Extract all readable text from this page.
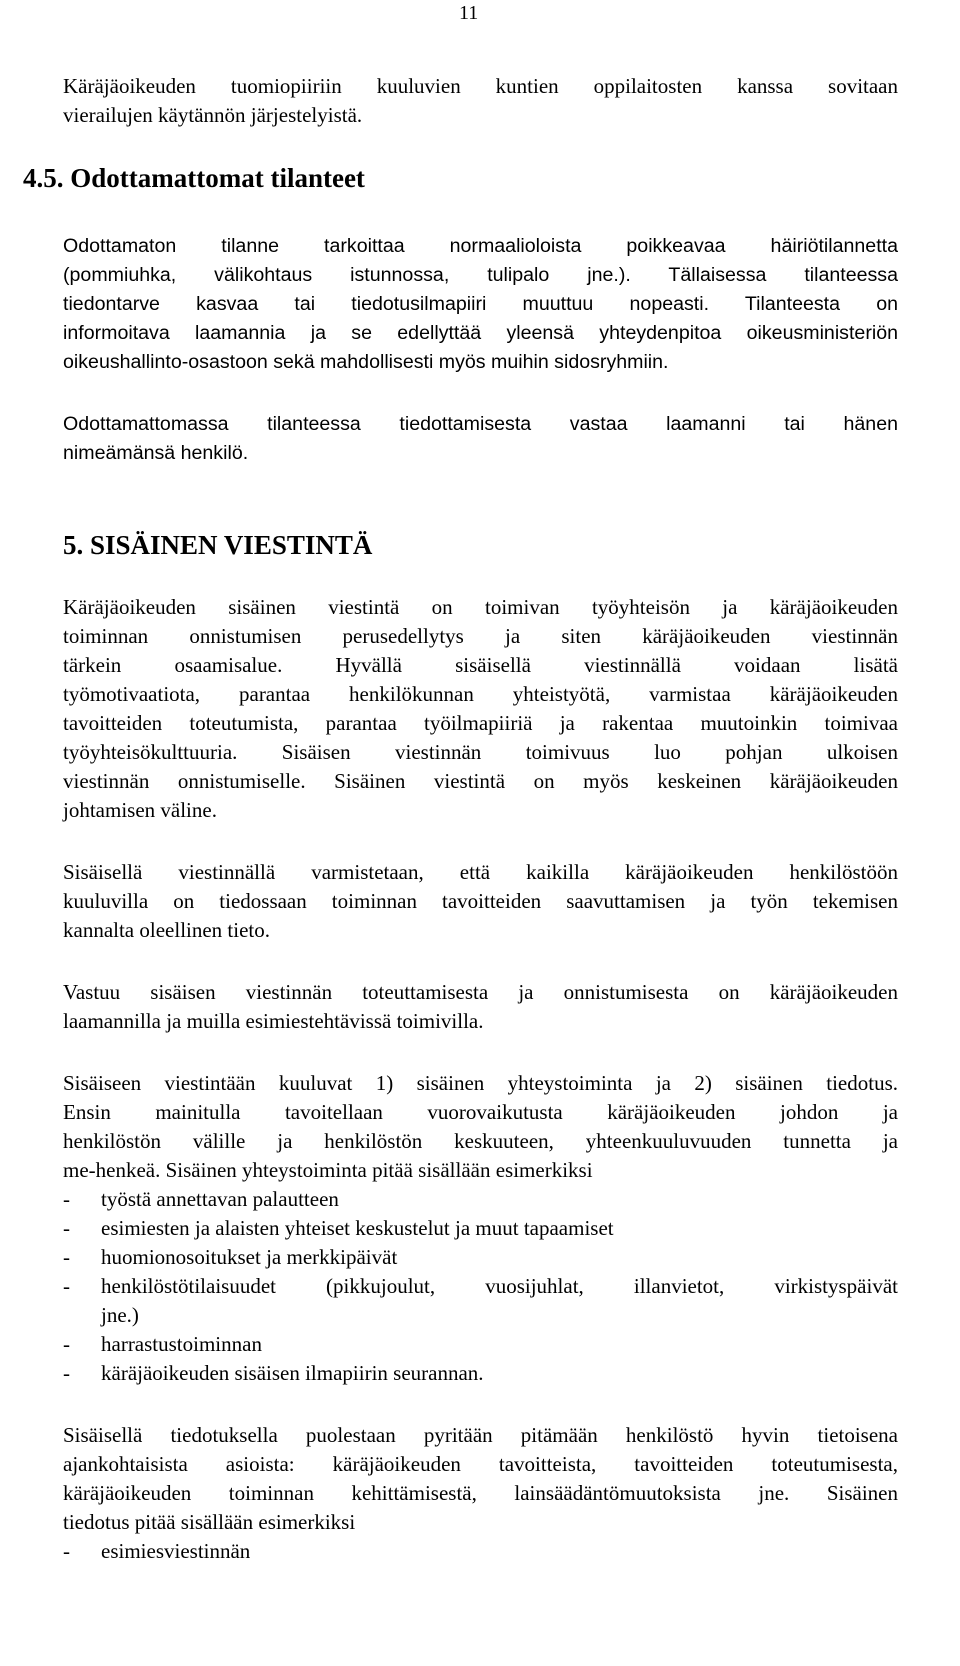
11
Käräjäoikeuden tuomiopiiriin kuuluvien kuntien oppilaitosten kanssa sovitaan
vierailujen käytännön järjestelyistä.
4.5. Odottamattomat tilanteet
Odottamaton tilanne tarkoittaa normaalioloista poikkeavaa häiriötilannetta
(pommiuhka, välikohtaus istunnossa, tulipalo jne.). Tällaisessa tilanteessa
tiedontarve kasvaa tai tiedotusilmapiiri muuttuu nopeasti. Tilanteesta on
informoitava laamannia ja se edellyttää yleensä yhteydenpitoa oikeusministeriön
oikeushallinto-osastoon sekä mahdollisesti myös muihin sidosryhmiin.
Odottamattomassa tilanteessa tiedottamisesta vastaa laamanni tai hänen
nimeämänsä henkilö.
5. SISÄINEN VIESTINTÄ
Käräjäoikeuden sisäinen viestintä on toimivan työyhteisön ja käräjäoikeuden
toiminnan onnistumisen perusedellytys ja siten käräjäoikeuden viestinnän
tärkein osaamisalue. Hyvällä sisäisellä viestinnällä voidaan lisätä
työmotivaatiota, parantaa henkilökunnan yhteistyötä, varmistaa käräjäoikeuden
tavoitteiden toteutumista, parantaa työilmapiiriä ja rakentaa muutoinkin toimivaa
työyhteisökulttuuria. Sisäisen viestinnän toimivuus luo pohjan ulkoisen
viestinnän onnistumiselle. Sisäinen viestintä on myös keskeinen käräjäoikeuden
johtamisen väline.
Sisäisellä viestinnällä varmistetaan, että kaikilla käräjäoikeuden henkilöstöön
kuuluvilla on tiedossaan toiminnan tavoitteiden saavuttamisen ja työn tekemisen
kannalta oleellinen tieto.
Vastuu sisäisen viestinnän toteuttamisesta ja onnistumisesta on käräjäoikeuden
laamannilla ja muilla esimiestehtävissä toimivilla.
Sisäiseen viestintään kuuluvat 1) sisäinen yhteystoiminta ja 2) sisäinen tiedotus.
Ensin mainitulla tavoitellaan vuorovaikutusta käräjäoikeuden johdon ja
henkilöstön välille ja henkilöstön keskuuteen, yhteenkuuluvuuden tunnetta ja
me-henkeä. Sisäinen yhteystoiminta pitää sisällään esimerkiksi
- työstä annettavan palautteen
- esimiesten ja alaisten yhteiset keskustelut ja muut tapaamiset
- huomionosoitukset ja merkkipäivät
- henkilöstötilaisuudet (pikkujoulut, vuosijuhlat, illanvietot, virkistyspäivät
jne.)
- harrastustoiminnan
- käräjäoikeuden sisäisen ilmapiirin seurannan.
Sisäisellä tiedotuksella puolestaan pyritään pitämään henkilöstö hyvin tietoisena
ajankohtaisista asioista: käräjäoikeuden tavoitteista, tavoitteiden toteutumisesta,
käräjäoikeuden toiminnan kehittämisestä, lainsäädäntömuutoksista jne. Sisäinen
tiedotus pitää sisällään esimerkiksi
- esimiesviestinnän
